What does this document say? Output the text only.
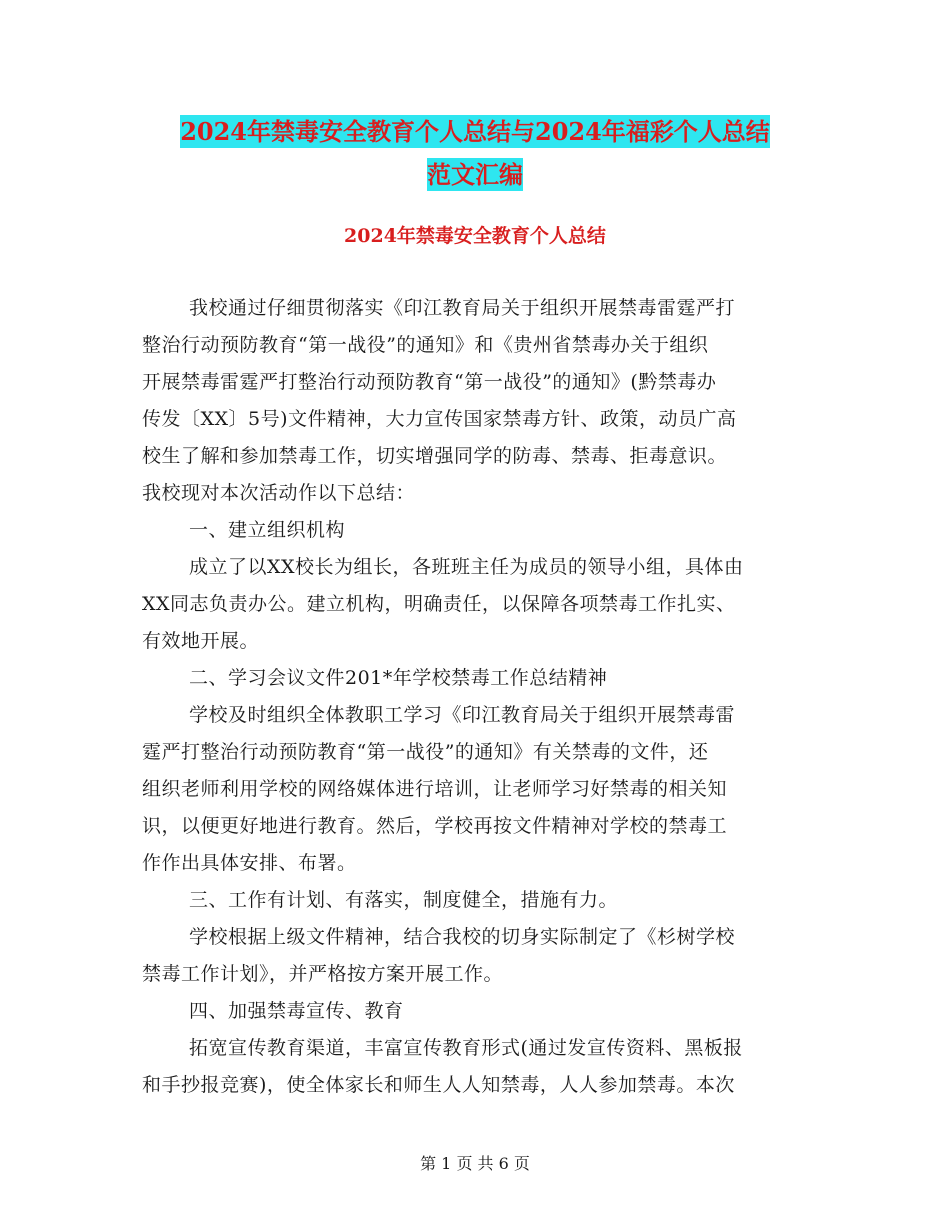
2024年禁毒安全教育个人总结与2024年福彩个人总结
范文汇编
2024年禁毒安全教育个人总结
我校通过仔细贯彻落实《印江教育局关于组织开展禁毒雷霆严打
整治行动预防教育“第一战役”的通知》和《贵州省禁毒办关于组织
开展禁毒雷霆严打整治行动预防教育“第一战役”的通知》(黔禁毒办
传发〔XX〕5号)文件精神，大力宣传国家禁毒方针、政策，动员广高
校生了解和参加禁毒工作，切实增强同学的防毒、禁毒、拒毒意识。
我校现对本次活动作以下总结：
一、建立组织机构
成立了以XX校长为组长，各班班主任为成员的领导小组，具体由
XX同志负责办公。建立机构，明确责任，以保障各项禁毒工作扎实、
有效地开展。
二、学习会议文件201*年学校禁毒工作总结精神
学校及时组织全体教职工学习《印江教育局关于组织开展禁毒雷
霆严打整治行动预防教育“第一战役”的通知》有关禁毒的文件，还
组织老师利用学校的网络媒体进行培训，让老师学习好禁毒的相关知
识，以便更好地进行教育。然后，学校再按文件精神对学校的禁毒工
作作出具体安排、布署。
三、工作有计划、有落实，制度健全，措施有力。
学校根据上级文件精神，结合我校的切身实际制定了《杉树学校
禁毒工作计划》，并严格按方案开展工作。
四、加强禁毒宣传、教育
拓宽宣传教育渠道，丰富宣传教育形式(通过发宣传资料、黑板报
和手抄报竞赛)，使全体家长和师生人人知禁毒，人人参加禁毒。本次
第 1 页 共 6 页
